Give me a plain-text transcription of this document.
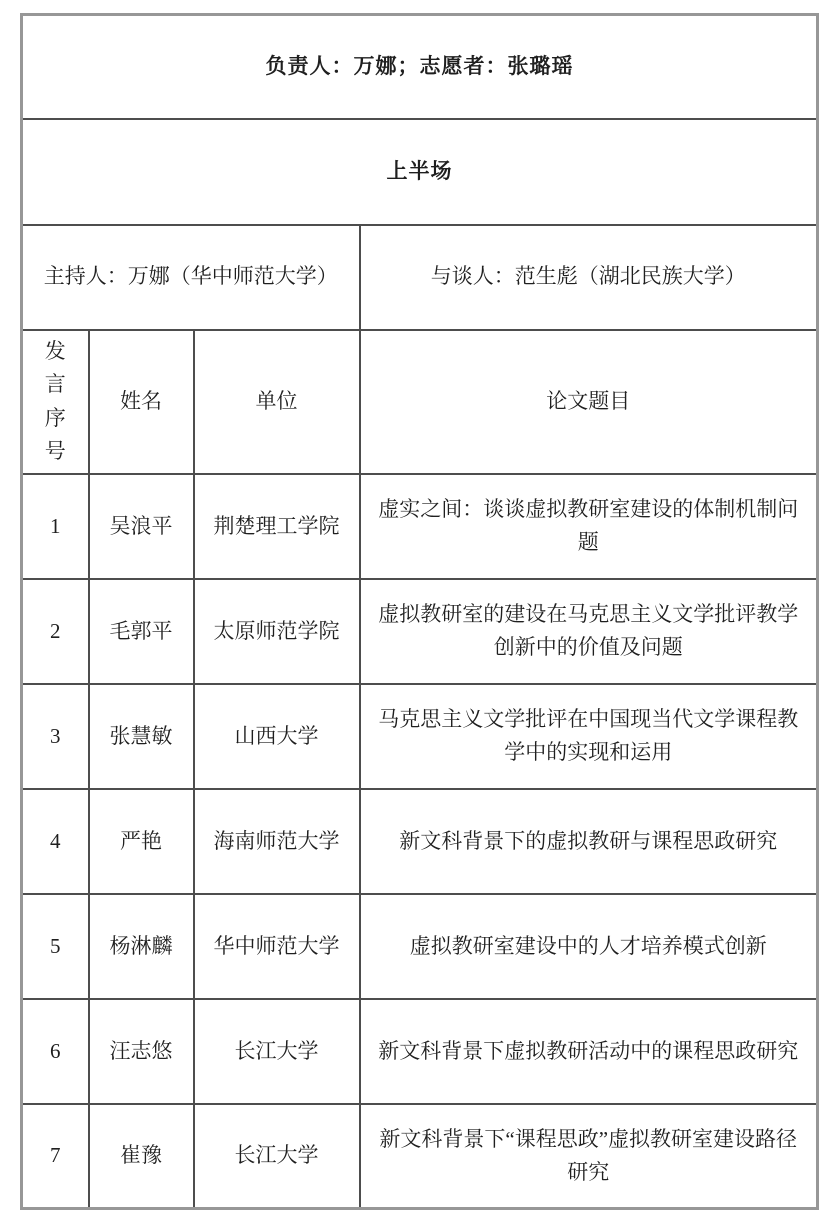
负责人：万娜；志愿者：张璐瑶			
上半场			
主持人：万娜（华中师范大学）			与谈人：范生彪（湖北民族大学）

发言
序号	姓名	单位	论文题目
1	吴浪平	荆楚理工学院	虚实之间：谈谈虚拟教研室建设的体制机制问题
2	毛郭平	太原师范学院	虚拟教研室的建设在马克思主义文学批评教学创新中的价值及问题
3	张慧敏	山西大学	马克思主义文学批评在中国现当代文学课程教学中的实现和运用
4	严艳	海南师范大学	新文科背景下的虚拟教研与课程思政研究
5	杨淋麟	华中师范大学	虚拟教研室建设中的人才培养模式创新
6	汪志悠	长江大学	新文科背景下虚拟教研活动中的课程思政研究
7	崔豫	长江大学	新文科背景下“课程思政”虚拟教研室建设路径研究
